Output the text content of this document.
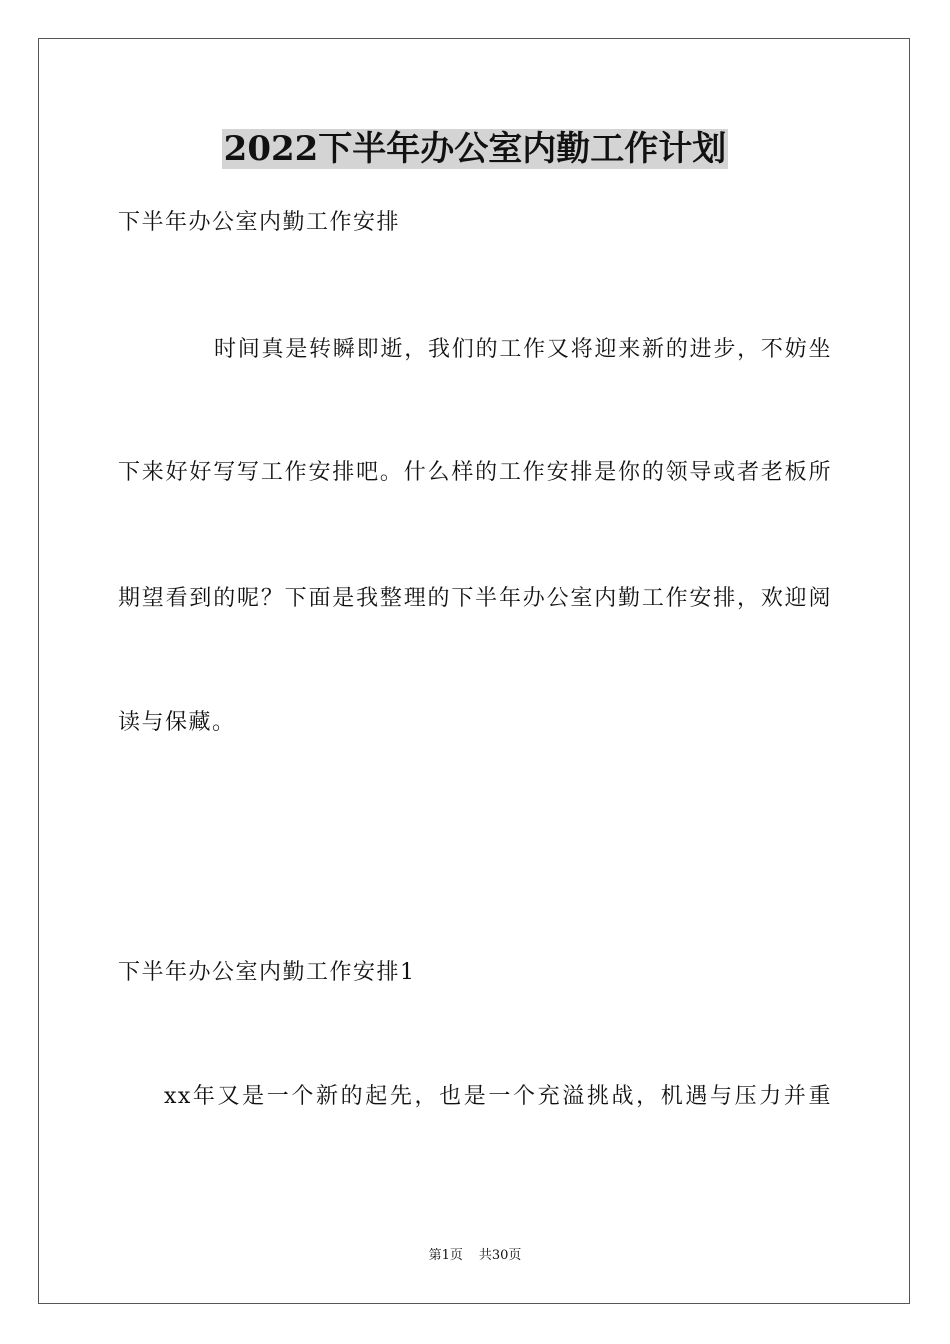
2022下半年办公室内勤工作计划
下半年办公室内勤工作安排
时间真是转瞬即逝，我们的工作又将迎来新的进步，不妨坐
下来好好写写工作安排吧。什么样的工作安排是你的领导或者老板所
期望看到的呢？下面是我整理的下半年办公室内勤工作安排，欢迎阅
读与保藏。
下半年办公室内勤工作安排1
xx年又是一个新的起先，也是一个充溢挑战，机遇与压力并重
第1页 共30页
